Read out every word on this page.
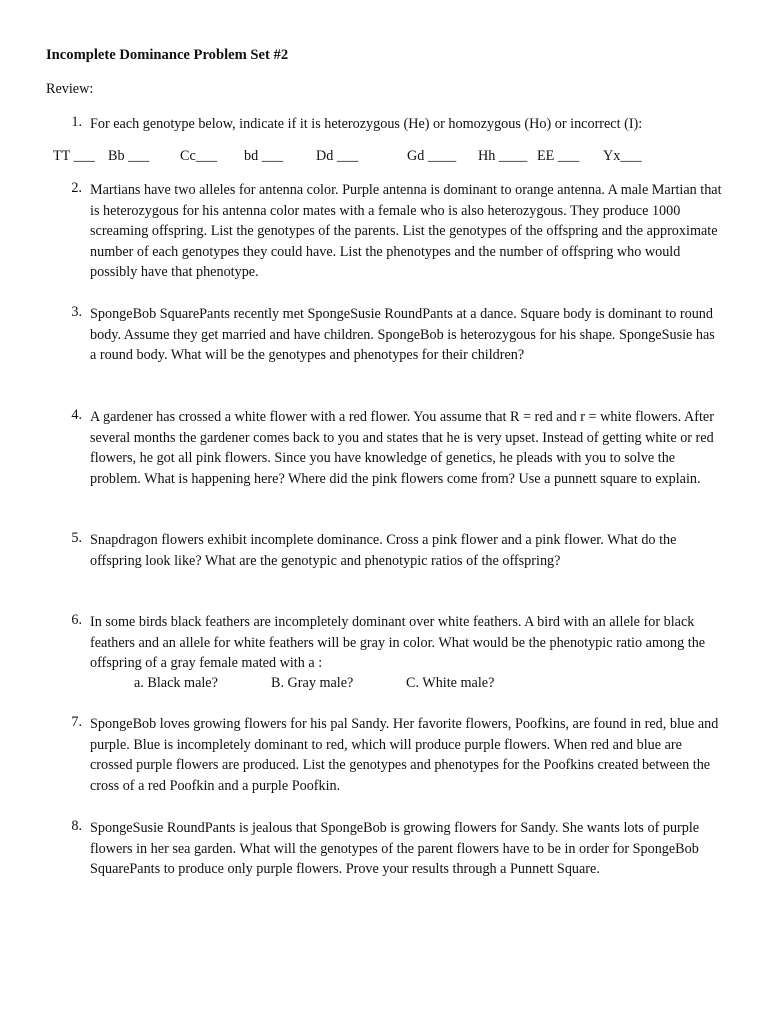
Incomplete Dominance Problem Set #2
Review:
1. For each genotype below, indicate if it is heterozygous (He) or homozygous (Ho) or incorrect (I):
TT ___ Bb ___ Cc___ bd ___ Dd ___	Gd ____ Hh ____ EE ___ Yx___
2. Martians have two alleles for antenna color. Purple antenna is dominant to orange antenna. A male Martian that is heterozygous for his antenna color mates with a female who is also heterozygous. They produce 1000 screaming offspring. List the genotypes of the parents. List the genotypes of the offspring and the approximate number of each genotypes they could have. List the phenotypes and the number of offspring who would possibly have that phenotype.
3. SpongeBob SquarePants recently met SpongeSusie RoundPants at a dance. Square body is dominant to round body. Assume they get married and have children. SpongeBob is heterozygous for his shape. SpongeSusie has a round body. What will be the genotypes and phenotypes for their children?
4. A gardener has crossed a white flower with a red flower. You assume that R = red and r = white flowers. After several months the gardener comes back to you and states that he is very upset. Instead of getting white or red flowers, he got all pink flowers. Since you have knowledge of genetics, he pleads with you to solve the problem. What is happening here? Where did the pink flowers come from? Use a punnett square to explain.
5. Snapdragon flowers exhibit incomplete dominance. Cross a pink flower and a pink flower. What do the offspring look like? What are the genotypic and phenotypic ratios of the offspring?
6. In some birds black feathers are incompletely dominant over white feathers. A bird with an allele for black feathers and an allele for white feathers will be gray in color. What would be the phenotypic ratio among the offspring of a gray female mated with a :
a. Black male?	B. Gray male?	C. White male?
7. SpongeBob loves growing flowers for his pal Sandy. Her favorite flowers, Poofkins, are found in red, blue and purple. Blue is incompletely dominant to red, which will produce purple flowers. When red and blue are crossed purple flowers are produced. List the genotypes and phenotypes for the Poofkins created between the cross of a red Poofkin and a purple Poofkin.
8. SpongeSusie RoundPants is jealous that SpongeBob is growing flowers for Sandy. She wants lots of purple flowers in her sea garden. What will the genotypes of the parent flowers have to be in order for SpongeBob SquarePants to produce only purple flowers. Prove your results through a Punnett Square.
